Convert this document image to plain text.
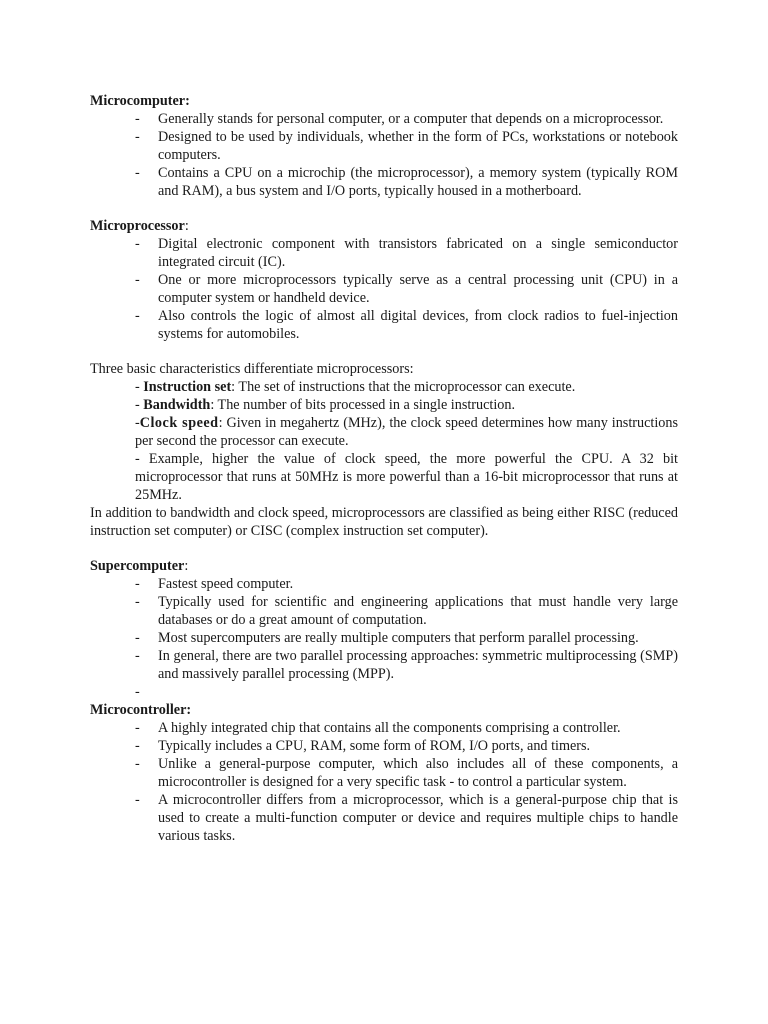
Microcomputer:

- Generally stands for personal computer, or a computer that depends on a microprocessor.
- Designed to be used by individuals, whether in the form of PCs, workstations or notebook computers.
- Contains a CPU on a microchip (the microprocessor), a memory system (typically ROM and RAM), a bus system and I/O ports, typically housed in a motherboard.

Microprocessor:

- Digital electronic component with transistors fabricated on a single semiconductor integrated circuit (IC).
- One or more microprocessors typically serve as a central processing unit (CPU) in a computer system or handheld device.
- Also controls the logic of almost all digital devices, from clock radios to fuel-injection systems for automobiles.

Three basic characteristics differentiate microprocessors:

- Instruction set: The set of instructions that the microprocessor can execute.
- Bandwidth: The number of bits processed in a single instruction.
-Clock speed: Given in megahertz (MHz), the clock speed determines how many instructions per second the processor can execute.
- Example, higher the value of clock speed, the more powerful the CPU. A 32 bit microprocessor that runs at 50MHz is more powerful than a 16-bit microprocessor that runs at 25MHz.

In addition to bandwidth and clock speed, microprocessors are classified as being either RISC (reduced instruction set computer) or CISC (complex instruction set computer).

Supercomputer:

- Fastest speed computer.
- Typically used for scientific and engineering applications that must handle very large databases or do a great amount of computation.
- Most supercomputers are really multiple computers that perform parallel processing.
- In general, there are two parallel processing approaches: symmetric multiprocessing (SMP) and massively parallel processing (MPP).
-

Microcontroller:

- A highly integrated chip that contains all the components comprising a controller.
- Typically includes a CPU, RAM, some form of ROM, I/O ports, and timers.
- Unlike a general-purpose computer, which also includes all of these components, a microcontroller is designed for a very specific task - to control a particular system.
- A microcontroller differs from a microprocessor, which is a general-purpose chip that is used to create a multi-function computer or device and requires multiple chips to handle various tasks.
